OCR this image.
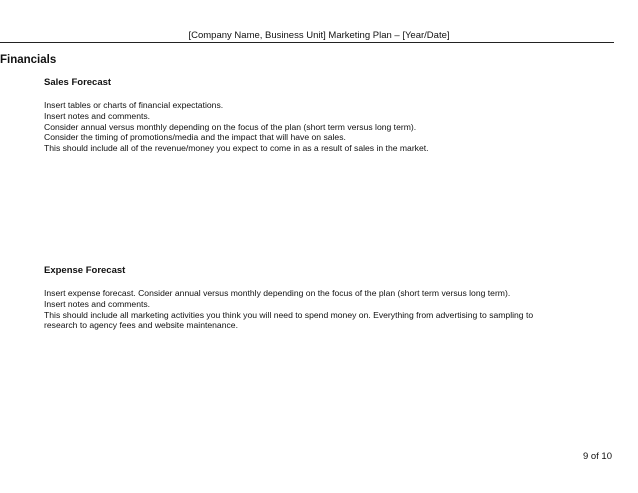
[Company Name, Business Unit] Marketing Plan – [Year/Date]
Financials
Sales Forecast
Insert tables or charts of financial expectations.
Insert notes and comments.
Consider annual versus monthly depending on the focus of the plan (short term versus long term).
Consider the timing of promotions/media and the impact that will have on sales.
This should include all of the revenue/money you expect to come in as a result of sales in the market.
Expense Forecast
Insert expense forecast. Consider annual versus monthly depending on the focus of the plan (short term versus long term).
Insert notes and comments.
This should include all marketing activities you think you will need to spend money on. Everything from advertising to sampling to
research to agency fees and website maintenance.
9 of 10
